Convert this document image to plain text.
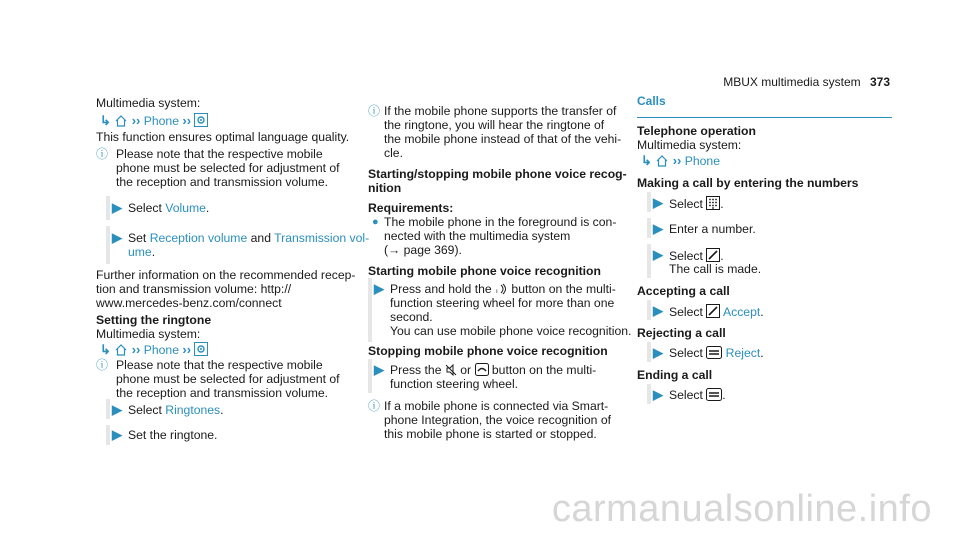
MBUX multimedia system 373
Multimedia system:
↳ ›› Phone ››
This function ensures optimal language quality.
ⓘ Please note that the respective mobile
phone must be selected for adjustment of
the reception and transmission volume.
▶ Select Volume.
▶ Set Reception volume and Transmission vol-
ume.
Further information on the recommended recep-
tion and transmission volume: http://
www.mercedes-benz.com/connect
Setting the ringtone
Multimedia system:
↳ ›› Phone ››
ⓘ Please note that the respective mobile
phone must be selected for adjustment of
the reception and transmission volume.
▶ Select Ringtones.
▶ Set the ringtone.
ⓘ If the mobile phone supports the transfer of
the ringtone, you will hear the ringtone of
the mobile phone instead of that of the vehi-
cle.
Starting/stopping mobile phone voice recog-
nition
Requirements:
● The mobile phone in the foreground is con-
nected with the multimedia system
(→ page 369).
Starting mobile phone voice recognition
▶ Press and hold the ᵢ button on the multi-
function steering wheel for more than one
second.
You can use mobile phone voice recognition.
Stopping mobile phone voice recognition
▶ Press the or button on the multi-
function steering wheel.
ⓘ If a mobile phone is connected via Smart-
phone Integration, the voice recognition of
this mobile phone is started or stopped.
Calls
Telephone operation
Multimedia system:
↳ ›› Phone
Making a call by entering the numbers
▶ Select .
▶ Enter a number.
▶ Select .
The call is made.
Accepting a call
▶ Select Accept.
Rejecting a call
▶ Select Reject.
Ending a call
▶ Select .
carmanualsonline.info
